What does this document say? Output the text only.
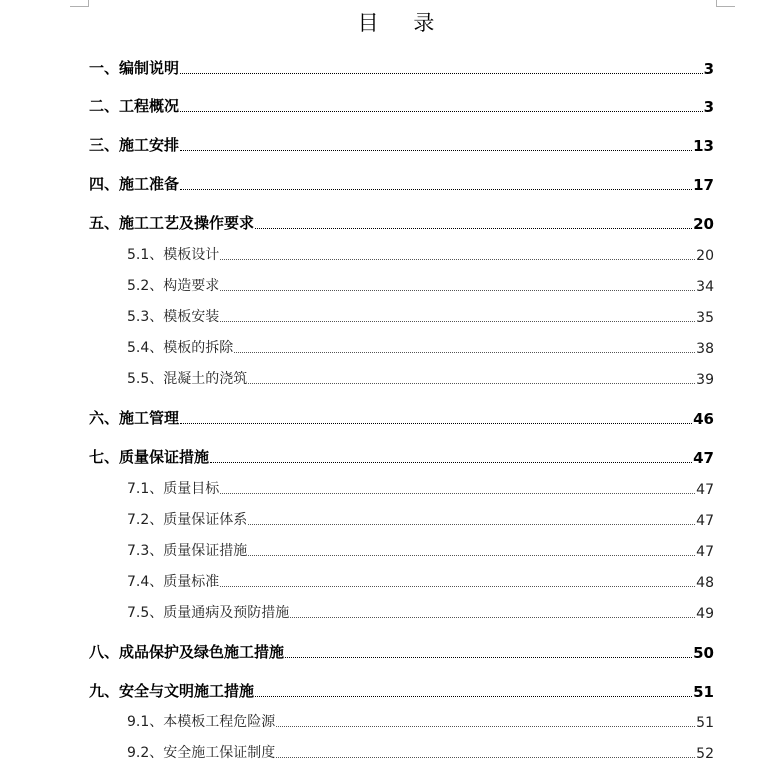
目 录
一、编制说明	3
二、工程概况	3
三、施工安排	13
四、施工准备	17
五、施工工艺及操作要求	20
5.1、模板设计	20
5.2、构造要求	34
5.3、模板安装	35
5.4、模板的拆除	38
5.5、混凝土的浇筑	39
六、施工管理	46
七、质量保证措施	47
7.1、质量目标	47
7.2、质量保证体系	47
7.3、质量保证措施	47
7.4、质量标准	48
7.5、质量通病及预防措施	49
八、成品保护及绿色施工措施	50
九、安全与文明施工措施	51
9.1、本模板工程危险源	51
9.2、安全施工保证制度	52
